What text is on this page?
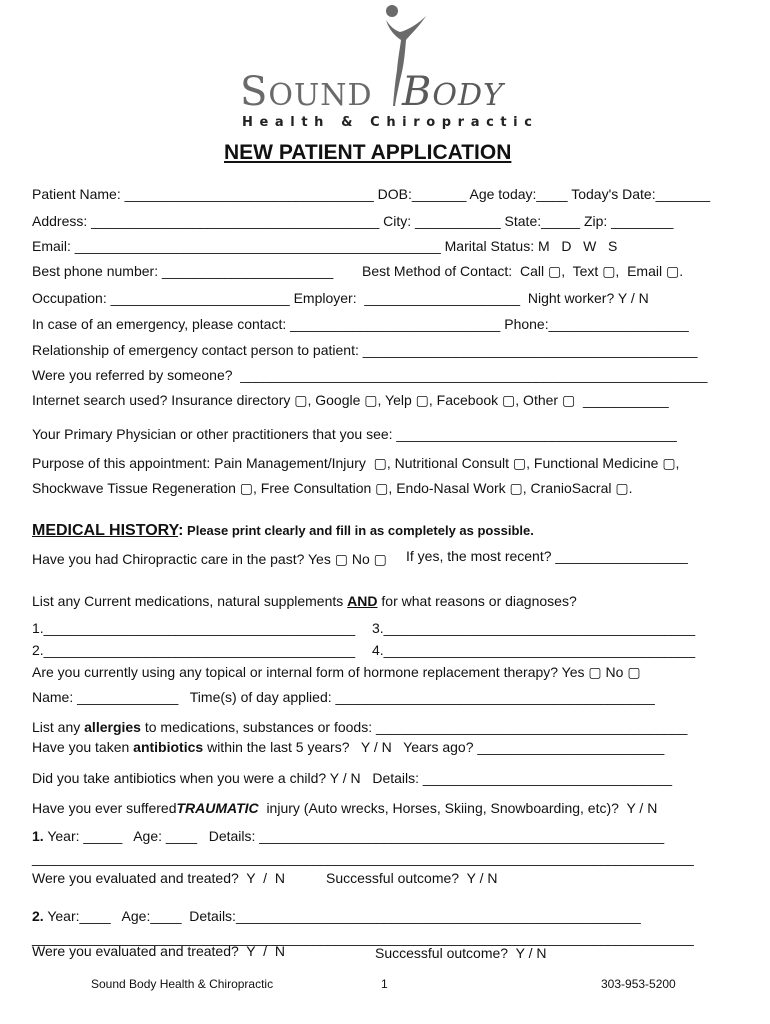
SOUND BODY
Health & Chiropractic
NEW PATIENT APPLICATION
Patient Name: ________________________________ DOB:_______ Age today:____ Today's Date:_______
Address: _____________________________________ City: ___________ State:_____ Zip: ________
Email: _______________________________________________ Marital Status: M   D   W   S
Best phone number: ______________________ Best Method of Contact:  Call ▢,  Text ▢,  Email ▢.
Occupation: _______________________ Employer:  ____________________  Night worker? Y / N
In case of an emergency, please contact: ___________________________ Phone:__________________
Relationship of emergency contact person to patient: ___________________________________________
Were you referred by someone?  ____________________________________________________________
Internet search used? Insurance directory ▢, Google ▢, Yelp ▢, Facebook ▢, Other ▢  ___________
Your Primary Physician or other practitioners that you see: ____________________________________
Purpose of this appointment: Pain Management/Injury  ▢, Nutritional Consult ▢, Functional Medicine ▢,
Shockwave Tissue Regeneration ▢, Free Consultation ▢, Endo-Nasal Work ▢, CranioSacral ▢.
MEDICAL HISTORY: Please print clearly and fill in as completely as possible.
Have you had Chiropractic care in the past? Yes ▢ No ▢ If yes, the most recent? _________________
List any Current medications, natural supplements AND for what reasons or diagnoses?
1.________________________________________ 3.________________________________________
2.________________________________________ 4.________________________________________
Are you currently using any topical or internal form of hormone replacement therapy? Yes ▢ No ▢
Name: _____________   Time(s) of day applied: _________________________________________
List any allergies to medications, substances or foods: ________________________________________
Have you taken antibiotics within the last 5 years?   Y / N   Years ago? ________________________
Did you take antibiotics when you were a child? Y / N   Details: ________________________________
Have you ever sufferedTRAUMATIC  injury (Auto wrecks, Horses, Skiing, Snowboarding, etc)?  Y / N
1. Year: _____   Age: ____   Details: ____________________________________________________
_____________________________________________________________________________________
Were you evaluated and treated?  Y  /  N	Successful outcome?  Y / N
2. Year:____   Age:____  Details:____________________________________________________
_____________________________________________________________________________________
Were you evaluated and treated?  Y  /  N	Successful outcome?  Y / N
Sound Body Health & Chiropractic	1	303-953-5200
